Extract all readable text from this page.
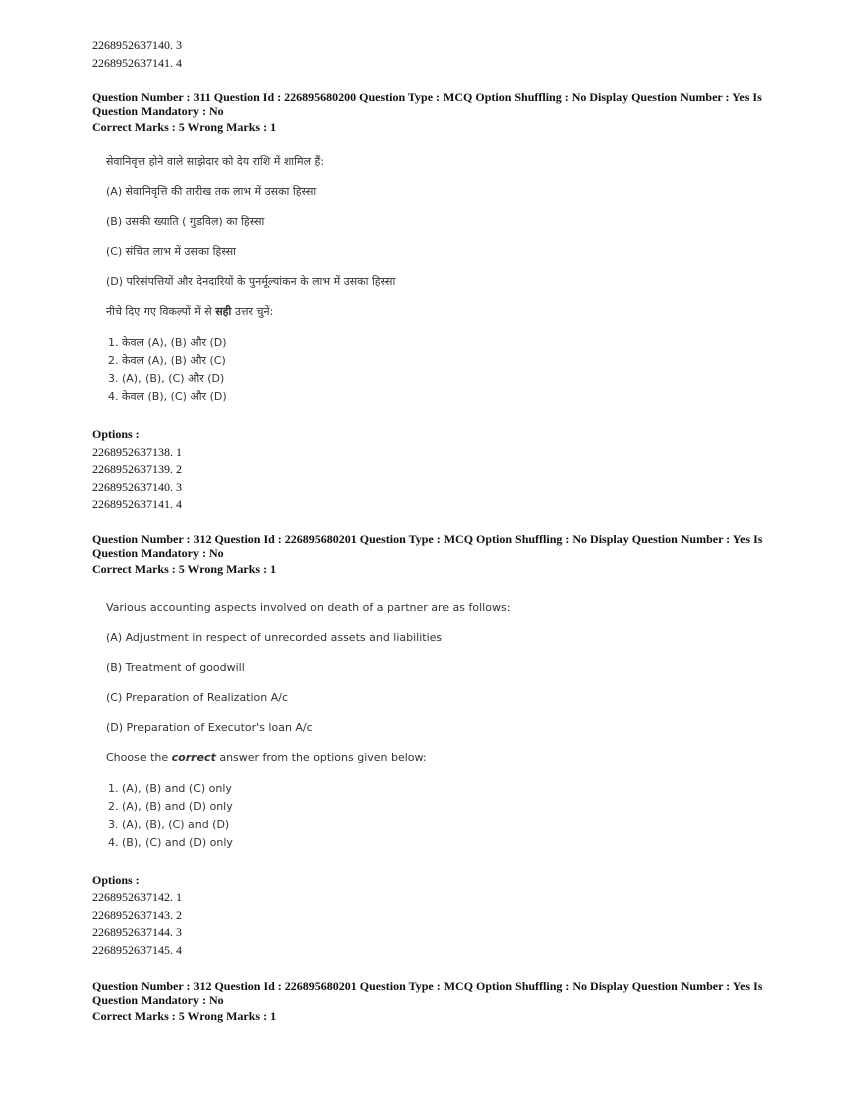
2268952637140. 3
2268952637141. 4
Question Number : 311 Question Id : 226895680200 Question Type : MCQ Option Shuffling : No Display Question Number : Yes Is
Question Mandatory : No
Correct Marks : 5 Wrong Marks : 1
सेवानिवृत्त होने वाले साझेदार को देय राशि में शामिल हैं:
(A) सेवानिवृत्ति की तारीख तक लाभ में उसका हिस्सा
(B) उसकी ख्याति ( गुडविल) का हिस्सा
(C) संचित लाभ में उसका हिस्सा
(D) परिसंपत्तियों और देनदारियों के पुनर्मूल्यांकन के लाभ में उसका हिस्सा
नीचे दिए गए विकल्पों में से सही उत्तर चुनें:
1. केवल (A), (B) और (D)
2. केवल (A), (B) और (C)
3. (A), (B), (C) और (D)
4. केवल (B), (C) और (D)
Options :
2268952637138. 1
2268952637139. 2
2268952637140. 3
2268952637141. 4
Question Number : 312 Question Id : 226895680201 Question Type : MCQ Option Shuffling : No Display Question Number : Yes Is
Question Mandatory : No
Correct Marks : 5 Wrong Marks : 1
Various accounting aspects involved on death of a partner are as follows:
(A) Adjustment in respect of unrecorded assets and liabilities
(B) Treatment of goodwill
(C) Preparation of Realization A/c
(D) Preparation of Executor's loan A/c
Choose the correct answer from the options given below:
1. (A), (B) and (C) only
2. (A), (B) and (D) only
3. (A), (B), (C) and (D)
4. (B), (C) and (D) only
Options :
2268952637142. 1
2268952637143. 2
2268952637144. 3
2268952637145. 4
Question Number : 312 Question Id : 226895680201 Question Type : MCQ Option Shuffling : No Display Question Number : Yes Is
Question Mandatory : No
Correct Marks : 5 Wrong Marks : 1
